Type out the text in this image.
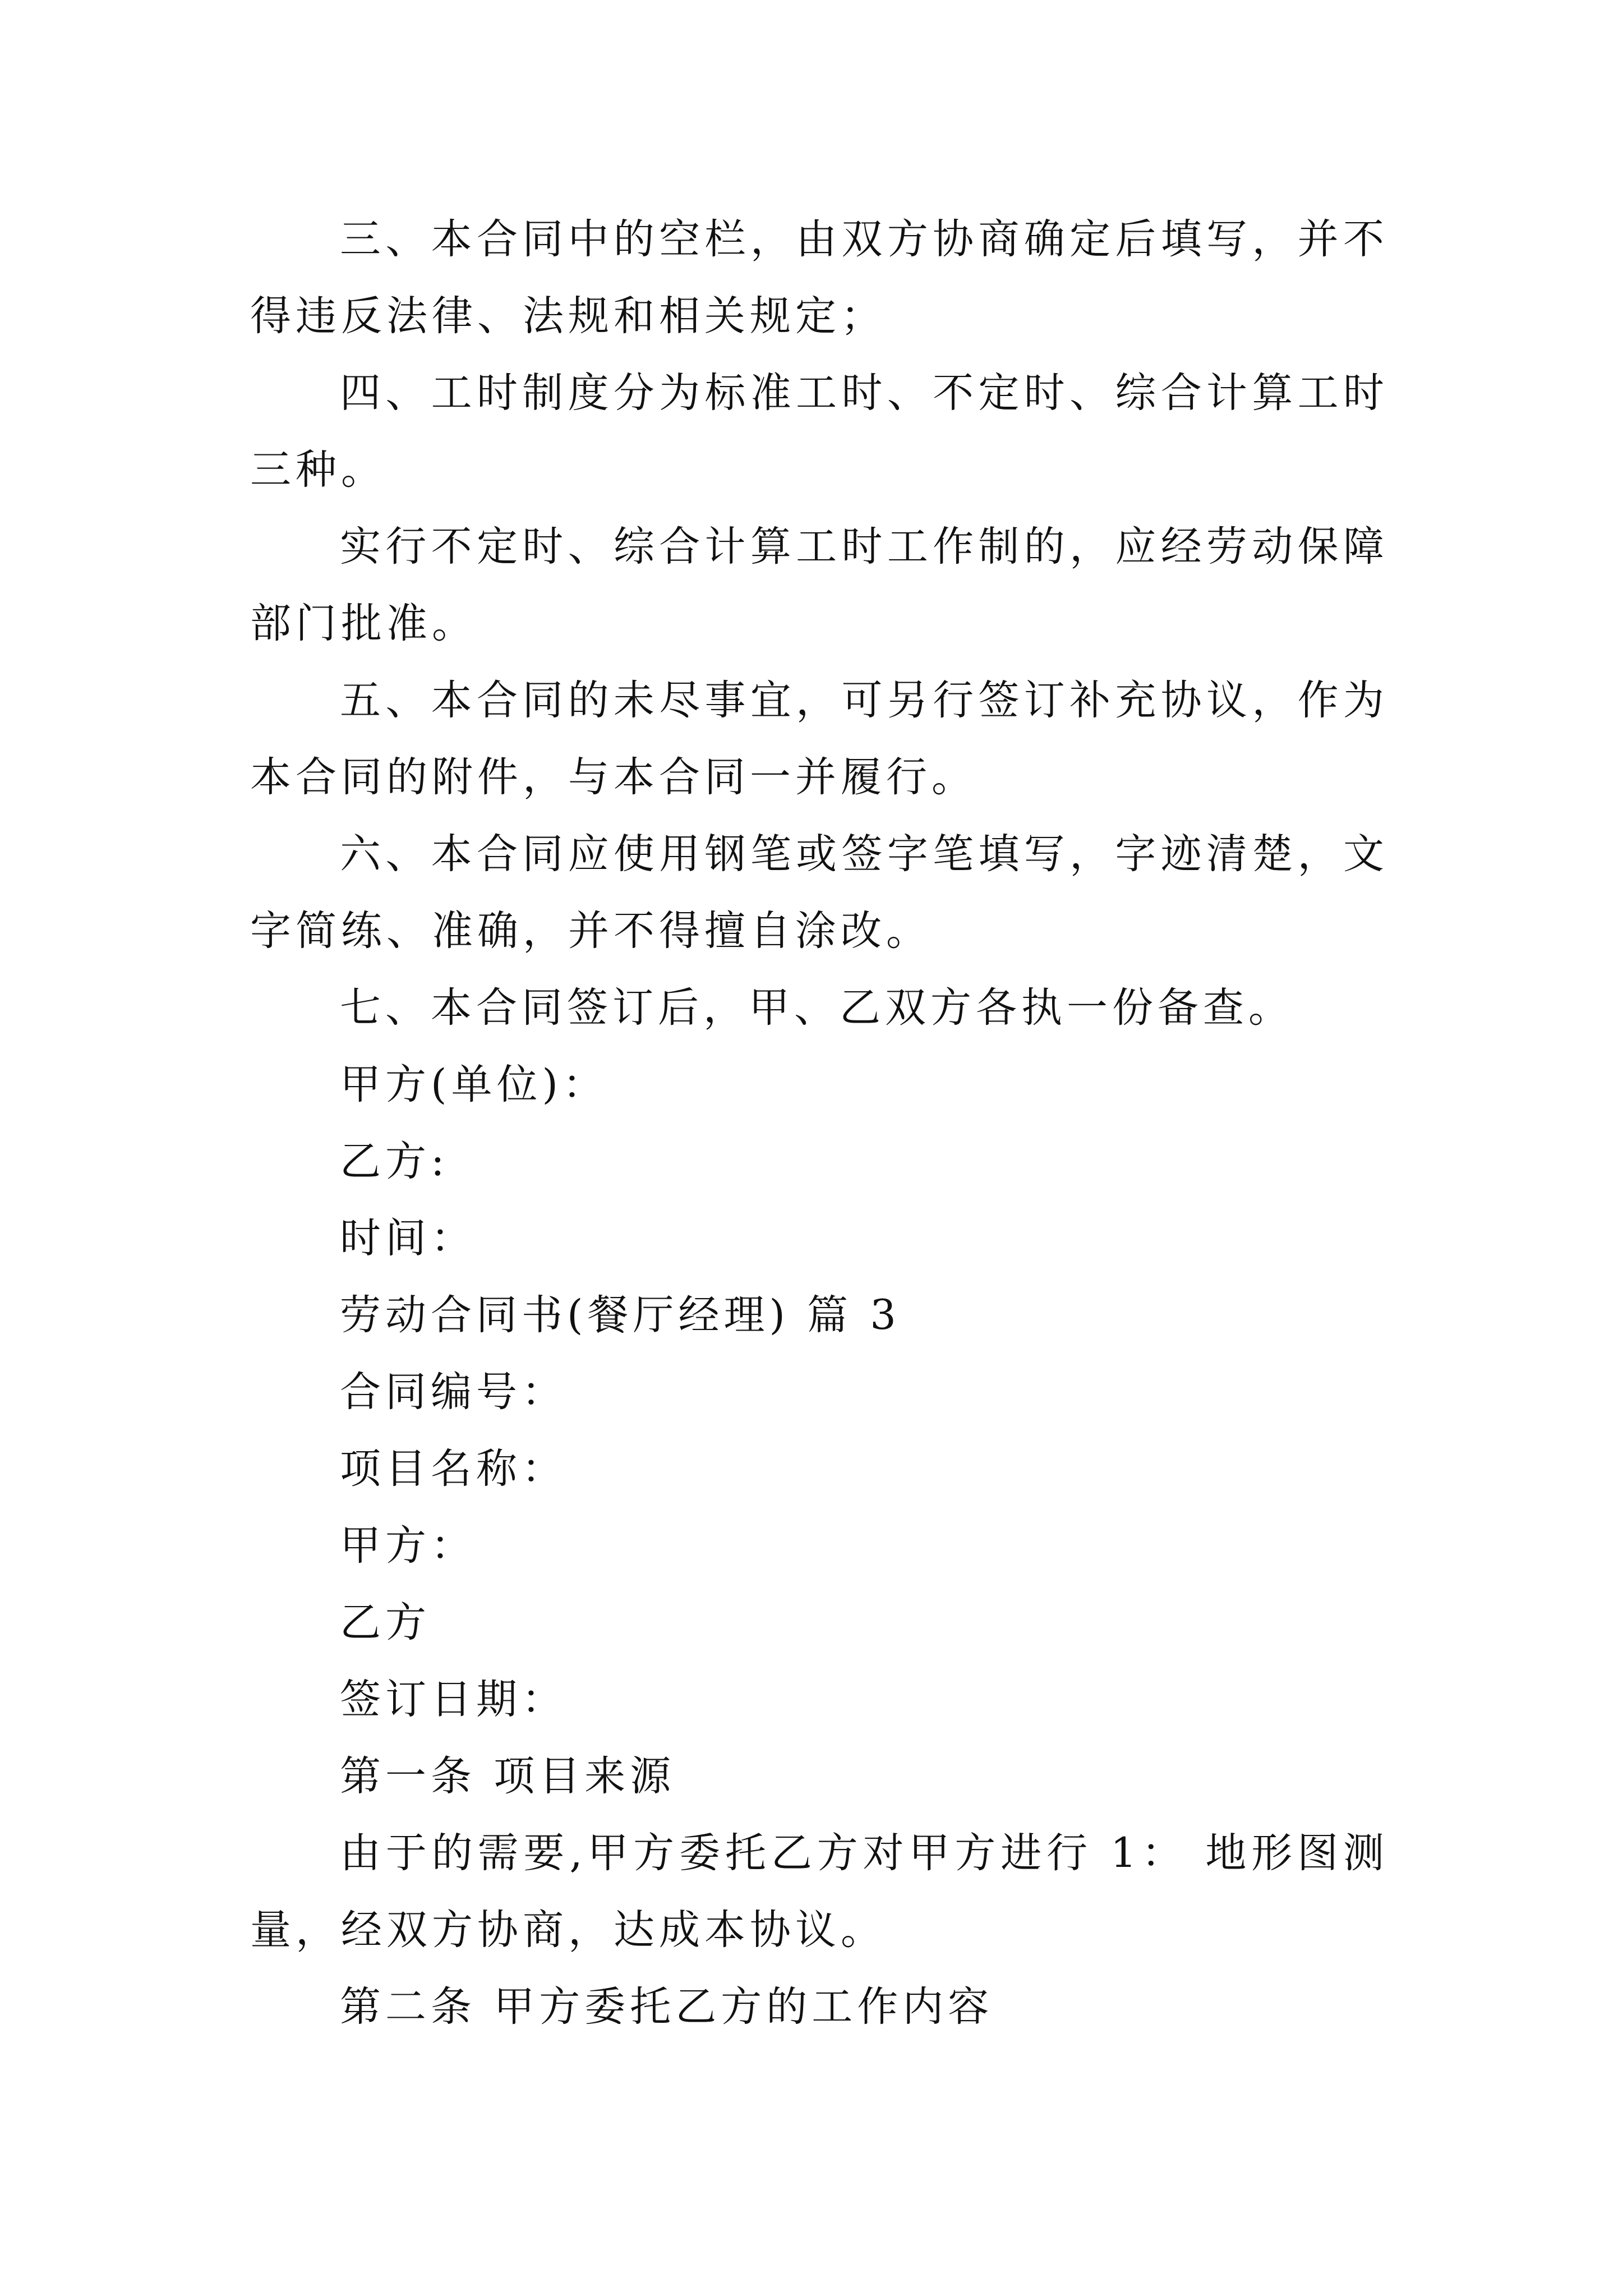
三、本合同中的空栏，由双方协商确定后填写，并不得违反法律、法规和相关规定；

四、工时制度分为标准工时、不定时、综合计算工时三种。

实行不定时、综合计算工时工作制的，应经劳动保障部门批准。

五、本合同的未尽事宜，可另行签订补充协议，作为本合同的附件，与本合同一并履行。

六、本合同应使用钢笔或签字笔填写，字迹清楚，文字简练、准确，并不得擅自涂改。

七、本合同签订后，甲、乙双方各执一份备查。

甲方(单位)：

乙方:

时间：

劳动合同书(餐厅经理) 篇 3

合同编号：

项目名称：

甲方：

乙方

签订日期：

第一条 项目来源

由于的需要,甲方委托乙方对甲方进行 1： 地形图测量，经双方协商，达成本协议。

第二条 甲方委托乙方的工作内容
